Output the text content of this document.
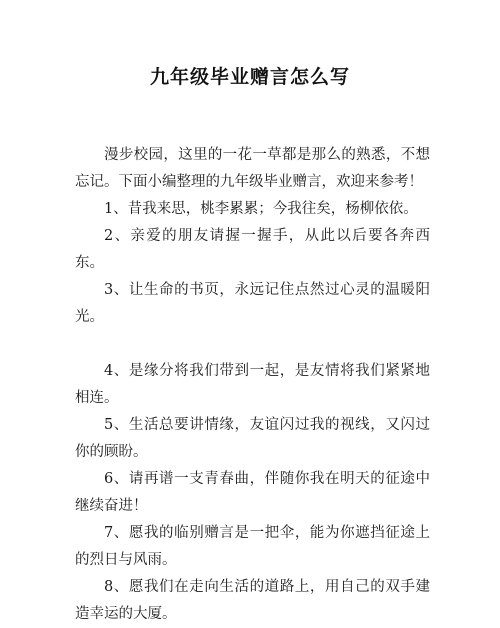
九年级毕业赠言怎么写

漫步校园，这里的一花一草都是那么的熟悉，不想忘记。下面小编整理的九年级毕业赠言，欢迎来参考！

1、昔我来思，桃李累累；今我往矣，杨柳依依。

2、亲爱的朋友请握一握手，从此以后要各奔西东。

3、让生命的书页，永远记住点然过心灵的温暖阳光。

4、是缘分将我们带到一起，是友情将我们紧紧地相连。

5、生活总要讲情缘，友谊闪过我的视线，又闪过你的顾盼。

6、请再谱一支青春曲，伴随你我在明天的征途中继续奋进！

7、愿我的临别赠言是一把伞，能为你遮挡征途上的烈日与风雨。

8、愿我们在走向生活的道路上，用自己的双手建造幸运的大厦。
